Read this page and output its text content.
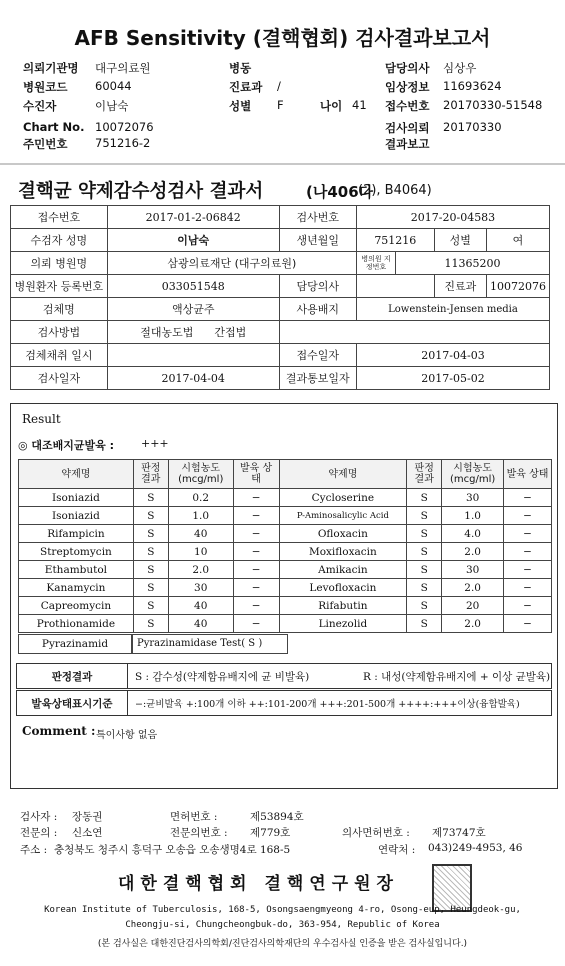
AFB Sensitivity (결핵협회) 검사결과보고서
의뢰기관명 대구의료원
병원코드 60044
수진자	이남숙
Chart No. 10072076
주민번호 751216-2
병동
진료과 /
성별 F	나이 41
담당의사 심상우
임상정보 11693624
접수번호 20170330-51548
검사의뢰 20170330
결과보고
결핵균 약제감수성검사 결과서	(나406다
(2), B4064)
접수번호	2017-01-2-06842	검사번호	2017-20-04583			
수검자 성명	이남숙	생년월일	751216		성별	여
의뢰 병원명	삼광의료재단 (대구의료원)		병의원 지정번호	11365200		
병원환자 등록번호	033051548	담당의사			진료과	10072076
검체명	액상균주	사용배지	Lowenstein-Jensen media			
검사방법	절대농도법 간접법					
검체채취 일시		접수일자	2017-04-03			
검사일자	2017-04-04	결과통보일자	2017-05-02			
Result
◎ 대조배지균발육 : +++
약제명	판정 결과	시험농도 (mcg/ml)	발육 상태	약제명	판정 결과	시험농도 (mcg/ml)	발육 상태
Isoniazid	S	0.2	−	Cycloserine	S	30	−
Isoniazid	S	1.0	−	P-Aminosalicylic Acid	S	1.0	−
Rifampicin	S	40	−	Ofloxacin	S	4.0	−
Streptomycin	S	10	−	Moxifloxacin	S	2.0	−
Ethambutol	S	2.0	−	Amikacin	S	30	−
Kanamycin	S	30	−	Levofloxacin	S	2.0	−
Capreomycin	S	40	−	Rifabutin	S	20	−
Prothionamide	S	40	−	Linezolid	S	2.0	−
Pyrazinamid	Pyrazinamidase Test( S )
판정결과	S : 감수성(약제함유배지에 균 비발육)	R : 내성(약제함유배지에 + 이상 균발육)
발육상태표시기준	−:균비발육 +:100개 이하 ++:101-200개 +++:201-500개 ++++:+++이상(융합발육)
Comment : 특이사항 없음
검사자 : 장동권	면허번호 :	제53894호
전문의 : 신소연	전문의번호 : 제779호	의사면허번호 : 제73747호
주소 : 충청북도 청주시 흥덕구 오송읍 오송생명4로 168-5	연락처 : 043)249-4953, 46
대한결핵협회 결핵연구원장
Korean Institute of Tuberculosis, 168-5, Osongsaengmyeong 4-ro, Osong-eup, Heungdeok-gu,
Cheongju-si, Chungcheongbuk-do, 363-954, Republic of Korea
(본 검사실은 대한진단검사의학회/진단검사의학재단의 우수검사실 인증을 받은 검사실입니다.)
